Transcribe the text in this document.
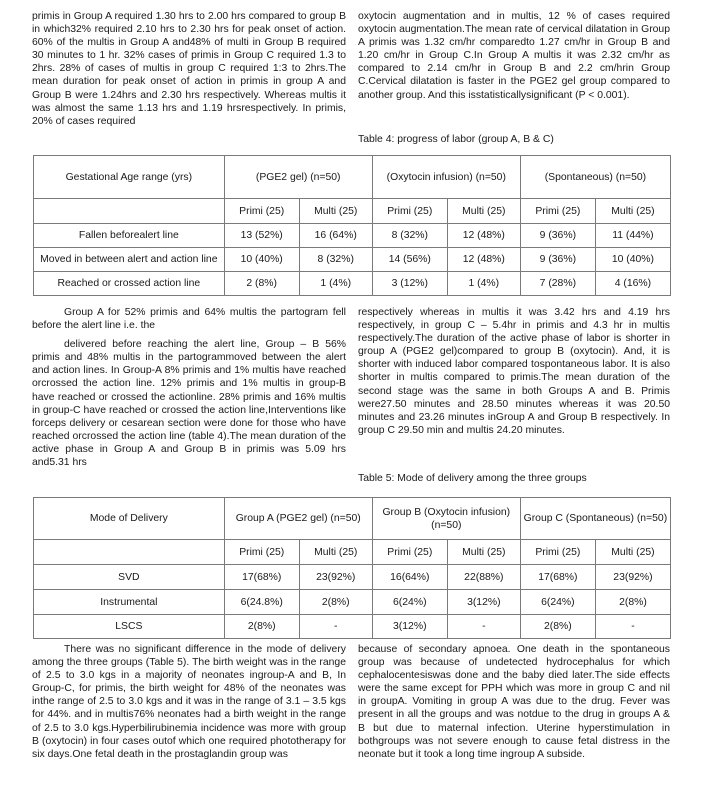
primis in Group A required 1.30 hrs to 2.00 hrs compared to group B in which32% required 2.10 hrs to 2.30 hrs for peak onset of action. 60% of the multis in Group A and48% of multi in Group B required 30 minutes to 1 hr. 32% cases of primis in Group C required 1.3 to 2hrs. 28% of cases of multis in group C required 1:3 to 2hrs.The mean duration for peak onset of action in primis in group A and Group B were 1.24hrs and 2.30 hrs respectively. Whereas multis it was almost the same 1.13 hrs and 1.19 hrsrespectively. In primis, 20% of cases required

oxytocin augmentation and in multis, 12 % of cases required oxytocin augmentation.The mean rate of cervical dilatation in Group A primis was 1.32 cm/hr comparedto 1.27 cm/hr in Group B and 1.20 cm/hr in Group C.In Group A multis it was 2.32 cm/hr as compared to 2.14 cm/hr in Group B and 2.2 cm/hrin Group C.Cervical dilatation is faster in the PGE2 gel group compared to another group. And this isstatisticallysignificant (P < 0.001).

Table 4: progress of labor (group A, B & C)
Gestational Age range (yrs)	(PGE2 gel) (n=50)		(Oxytocin infusion) (n=50)		(Spontaneous) (n=50)	
	Primi (25)	Multi (25)	Primi (25)	Multi (25)	Primi (25)	Multi (25)
Fallen beforealert line	13 (52%)	16 (64%)	8 (32%)	12 (48%)	9 (36%)	11 (44%)
Moved in between alert and action line	10 (40%)	8 (32%)	14 (56%)	12 (48%)	9 (36%)	10 (40%)
Reached or crossed action line	2 (8%)	1 (4%)	3 (12%)	1 (4%)	7 (28%)	4 (16%)

Group A for 52% primis and 64% multis the partogram fell before the alert line i.e. the

delivered before reaching the alert line, Group – B 56% primis and 48% multis in the partogrammoved between the alert and action lines. In Group-A 8% primis and 1% multis have reached orcrossed the action line. 12% primis and 1% multis in group-B have reached or crossed the actionline. 28% primis and 16% multis in group-C have reached or crossed the action line,Interventions like forceps delivery or cesarean section were done for those who have reached orcrossed the action line (table 4).The mean duration of the active phase in Group A and Group B in primis was 5.09 hrs and5.31 hrs

respectively whereas in multis it was 3.42 hrs and 4.19 hrs respectively, in group C – 5.4hr in primis and 4.3 hr in multis respectively.The duration of the active phase of labor is shorter in group A (PGE2 gel)compared to group B (oxytocin). And, it is shorter with induced labor compared tospontaneous labor. It is also shorter in multis compared to primis.The mean duration of the second stage was the same in both Groups A and B. Primis were27.50 minutes and 28.50 minutes whereas it was 20.50 minutes and 23.26 minutes inGroup A and Group B respectively. In group C 29.50 min and multis 24.20 minutes.

Table 5: Mode of delivery among the three groups
Mode of Delivery	Group A (PGE2 gel) (n=50)		Group B (Oxytocin infusion) (n=50)		Group C (Spontaneous) (n=50)	
	Primi (25)	Multi (25)	Primi (25)	Multi (25)	Primi (25)	Multi (25)
SVD	17(68%)	23(92%)	16(64%)	22(88%)	17(68%)	23(92%)
Instrumental	6(24.8%)	2(8%)	6(24%)	3(12%)	6(24%)	2(8%)
LSCS	2(8%)	-	3(12%)	-	2(8%)	-

There was no significant difference in the mode of delivery among the three groups (Table 5). The birth weight was in the range of 2.5 to 3.0 kgs in a majority of neonates ingroup-A and B, In Group-C, for primis, the birth weight for 48% of the neonates was inthe range of 2.5 to 3.0 kgs and it was in the range of 3.1 – 3.5 kgs for 44%. and in multis76% neonates had a birth weight in the range of 2.5 to 3.0 kgs.Hyperbilirubinemia incidence was more with group B (oxytocin) in four cases outof which one required phototherapy for six days.One fetal death in the prostaglandin group was

because of secondary apnoea. One death in the spontaneous group was because of undetected hydrocephalus for which cephalocentesiswas done and the baby died later.The side effects were the same except for PPH which was more in group C and nil in groupA. Vomiting in group A was due to the drug. Fever was present in all the groups and was notdue to the drug in groups A & B but due to maternal infection. Uterine hyperstimulation in bothgroups was not severe enough to cause fetal distress in the neonate but it took a long time ingroup A subside.
